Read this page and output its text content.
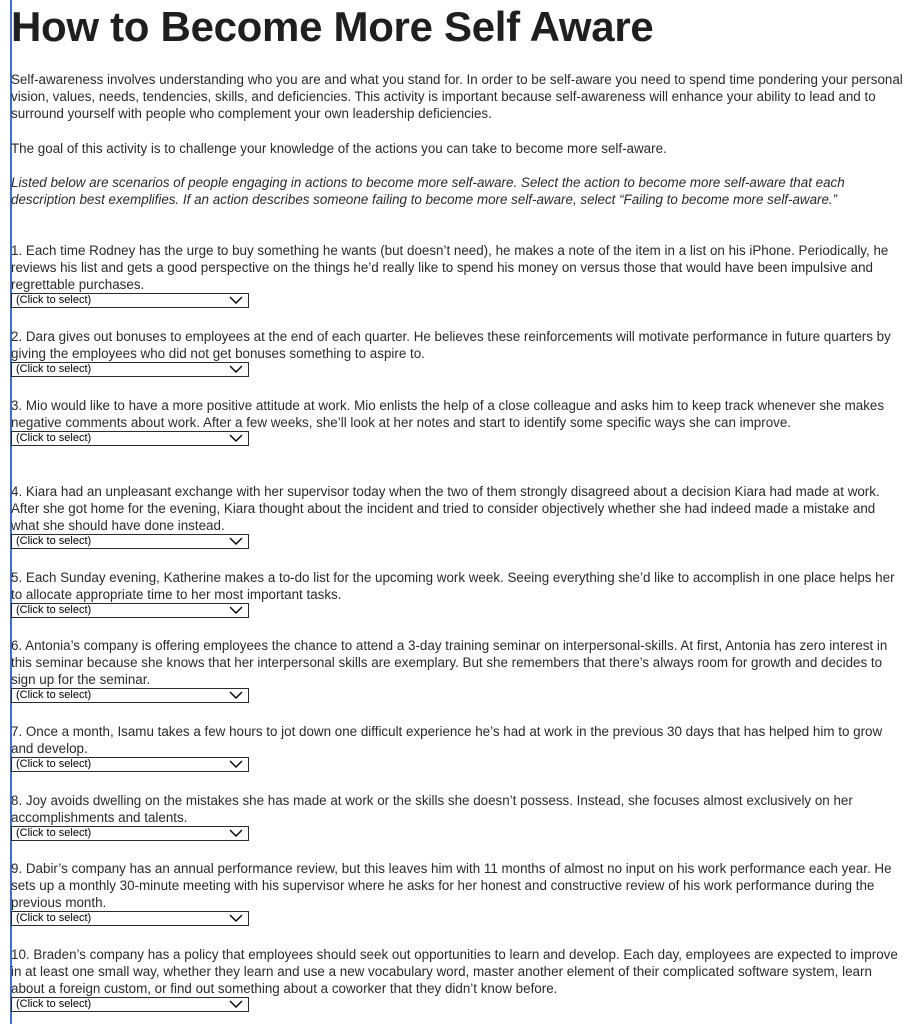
How to Become More Self Aware
Self-awareness involves understanding who you are and what you stand for. In order to be self-aware you need to spend time pondering your personal vision, values, needs, tendencies, skills, and deficiencies. This activity is important because self-awareness will enhance your ability to lead and to surround yourself with people who complement your own leadership deficiencies.
The goal of this activity is to challenge your knowledge of the actions you can take to become more self-aware.
Listed below are scenarios of people engaging in actions to become more self-aware. Select the action to become more self-aware that each description best exemplifies. If an action describes someone failing to become more self-aware, select “Failing to become more self-aware.”
1. Each time Rodney has the urge to buy something he wants (but doesn’t need), he makes a note of the item in a list on his iPhone. Periodically, he reviews his list and gets a good perspective on the things he’d really like to spend his money on versus those that would have been impulsive and regrettable purchases.
(Click to select)
2. Dara gives out bonuses to employees at the end of each quarter. He believes these reinforcements will motivate performance in future quarters by giving the employees who did not get bonuses something to aspire to.
(Click to select)
3. Mio would like to have a more positive attitude at work. Mio enlists the help of a close colleague and asks him to keep track whenever she makes negative comments about work. After a few weeks, she’ll look at her notes and start to identify some specific ways she can improve.
(Click to select)
4. Kiara had an unpleasant exchange with her supervisor today when the two of them strongly disagreed about a decision Kiara had made at work. After she got home for the evening, Kiara thought about the incident and tried to consider objectively whether she had indeed made a mistake and what she should have done instead.
(Click to select)
5. Each Sunday evening, Katherine makes a to-do list for the upcoming work week. Seeing everything she’d like to accomplish in one place helps her to allocate appropriate time to her most important tasks.
(Click to select)
6. Antonia’s company is offering employees the chance to attend a 3-day training seminar on interpersonal-skills. At first, Antonia has zero interest in this seminar because she knows that her interpersonal skills are exemplary. But she remembers that there’s always room for growth and decides to sign up for the seminar.
(Click to select)
7. Once a month, Isamu takes a few hours to jot down one difficult experience he’s had at work in the previous 30 days that has helped him to grow and develop.
(Click to select)
8. Joy avoids dwelling on the mistakes she has made at work or the skills she doesn’t possess. Instead, she focuses almost exclusively on her accomplishments and talents.
(Click to select)
9. Dabir’s company has an annual performance review, but this leaves him with 11 months of almost no input on his work performance each year. He sets up a monthly 30-minute meeting with his supervisor where he asks for her honest and constructive review of his work performance during the previous month.
(Click to select)
10. Braden’s company has a policy that employees should seek out opportunities to learn and develop. Each day, employees are expected to improve in at least one small way, whether they learn and use a new vocabulary word, master another element of their complicated software system, learn about a foreign custom, or find out something about a coworker that they didn’t know before.
(Click to select)
